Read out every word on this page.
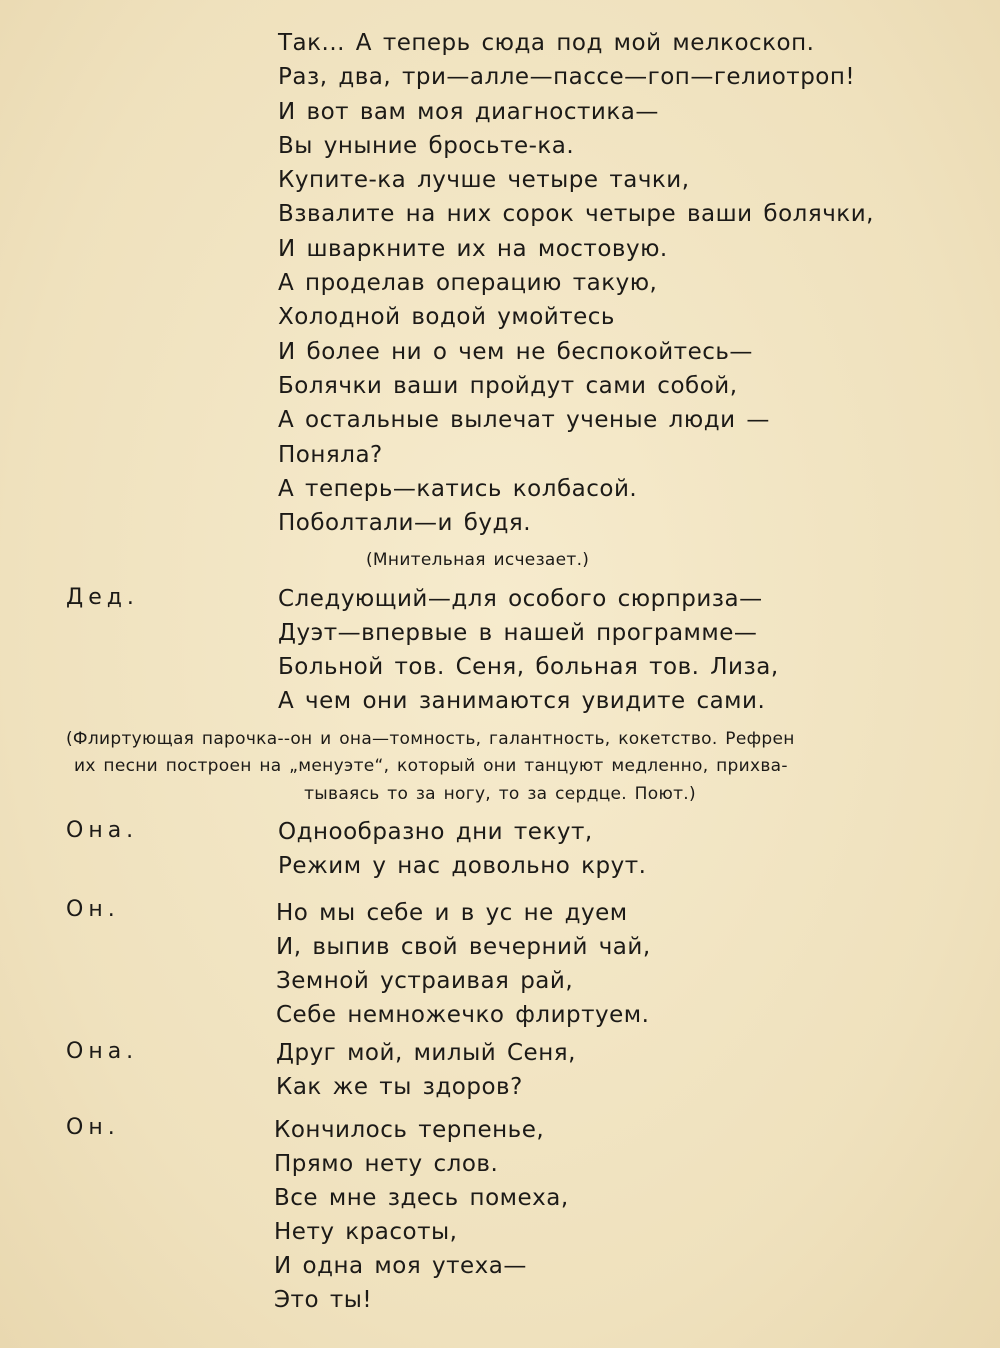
Так... А теперь сюда под мой мелкоскоп.
Раз, два, три—алле—пассе—гоп—гелиотроп!
И вот вам моя диагностика—
Вы уныние бросьте-ка.
Купите-ка лучше четыре тачки,
Взвалите на них сорок четыре ваши болячки,
И шваркните их на мостовую.
А проделав операцию такую,
Холодной водой умойтесь
И более ни о чем не беспокойтесь—
Болячки ваши пройдут сами собой,
А остальные вылечат ученые люди —
Поняла?
А теперь—катись колбасой.
Поболтали—и будя.
(Мнительная исчезает.)
Дед.	Следующий—для особого сюрприза—
Дуэт—впервые в нашей программе—
Больной тов. Сеня, больная тов. Лиза,
А чем они занимаются увидите сами.
(Флиртующая парочка--он и она—томность, галантность, кокетство. Рефрен
их песни построен на „менуэте“, который они танцуют медленно, прихва-
тываясь то за ногу, то за сердце. Поют.)
Она.	Однообразно дни текут,
Режим у нас довольно крут.
Он.	Но мы себе и в ус не дуем
И, выпив свой вечерний чай,
Земной устраивая рай,
Себе немножечко флиртуем.
Она.	Друг мой, милый Сеня,
Как же ты здоров?
Он.	Кончилось терпенье,
Прямо нету слов.
Все мне здесь помеха,
Нету красоты,
И одна моя утеха—
Это ты!
